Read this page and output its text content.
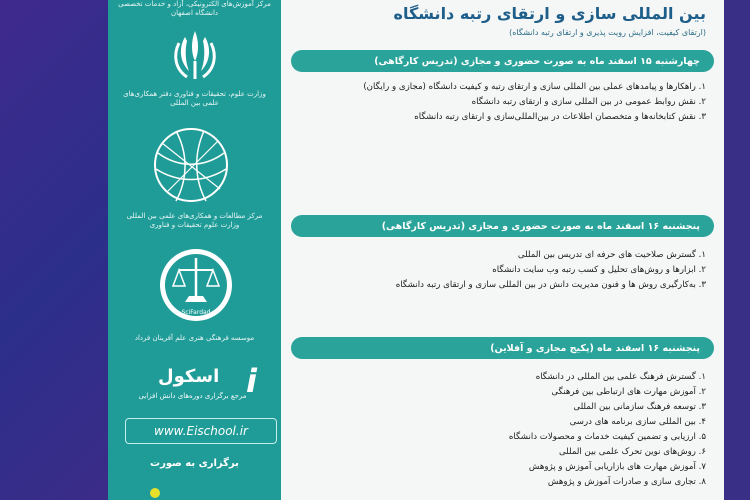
مرکز آموزش‌های الکترونیکی، آزاد و خدمات تخصصی دانشگاه اصفهان
وزارت علوم، تحقیقات و فناوری دفتر همکاری‌های علمی بین المللی
مرکز مطالعات و همکاری‌های علمی بین المللی وزارت علوم تحقیقات و فناوری
SciFardad
موسسه فرهنگی هنری علم آفرینان فرداد
اسکول i
مرجع برگزاری دوره‌های دانش افزایی
www.Eischool.ir
برگزاری به صورت
بین المللی سازی و ارتقای رتبه دانشگاه
(ارتقای کیفیت، افزایش رویت پذیری و ارتقای رتبه دانشگاه)
چهارشنبه ۱۵ اسفند ماه به صورت حضوری و مجازی (تدریس کارگاهی)
۱. راهکارها و پیامدهای عملی بین المللی سازی و ارتقای رتبه و کیفیت دانشگاه (مجازی و رایگان)
۲. نقش روابط عمومی در بین المللی سازی و ارتقای رتبه دانشگاه
۳. نقش کتابخانه‌ها و متخصصان اطلاعات در بین‌المللی‌سازی و ارتقای رتبه دانشگاه
پنجشنبه ۱۶ اسفند ماه به صورت حضوری و مجازی (تدریس کارگاهی)
۱. گسترش صلاحیت های حرفه ای تدریس بین المللی
۲. ابزارها و روش‌های تحلیل و کسب رتبه وب سایت دانشگاه
۳. به‌کارگیری روش ها و فنون مدیریت دانش در بین المللی سازی و ارتقای رتبه دانشگاه
پنجشنبه ۱۶ اسفند ماه (پکیج مجازی و آفلاین)
۱. گسترش فرهنگ علمی بین المللی در دانشگاه
۲. آموزش مهارت های ارتباطی بین فرهنگی
۳. توسعه فرهنگ سازمانی بین المللی
۴. بین المللی سازی برنامه های درسی
۵. ارزیابی و تضمین کیفیت خدمات و محصولات دانشگاه
۶. روش‌های نوین تحرک علمی بین المللی
۷. آموزش مهارت های بازاریابی آموزش و پژوهش
۸. تجاری سازی و صادرات آموزش و پژوهش
